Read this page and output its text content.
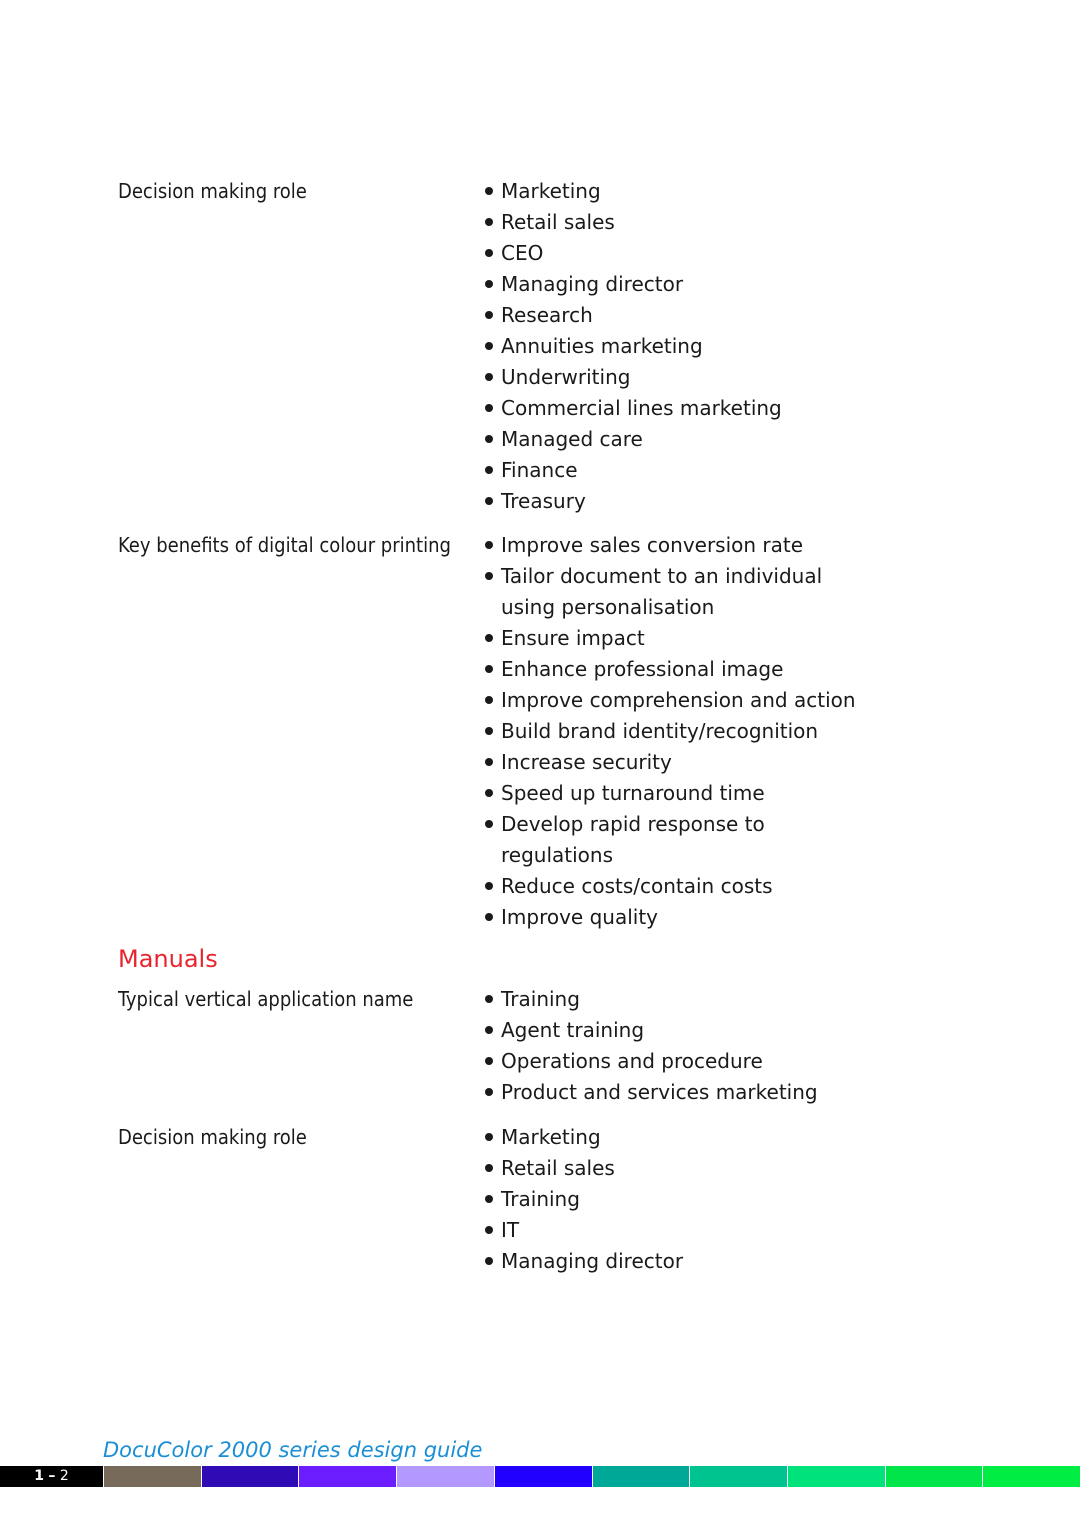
Decision making role	Marketing
Retail sales
CEO
Managing director
Research
Annuities marketing
Underwriting
Commercial lines marketing
Managed care
Finance
Treasury
Key benefits of digital colour printing	Improve sales conversion rate
Tailor document to an individual using personalisation
Ensure impact
Enhance professional image
Improve comprehension and action
Build brand identity/recognition
Increase security
Speed up turnaround time
Develop rapid response to regulations
Reduce costs/contain costs
Improve quality
Manuals
Typical vertical application name	Training
Agent training
Operations and procedure
Product and services marketing
Decision making role	Marketing
Retail sales
Training
IT
Managing director
DocuColor 2000 series design guide
1 – 2
